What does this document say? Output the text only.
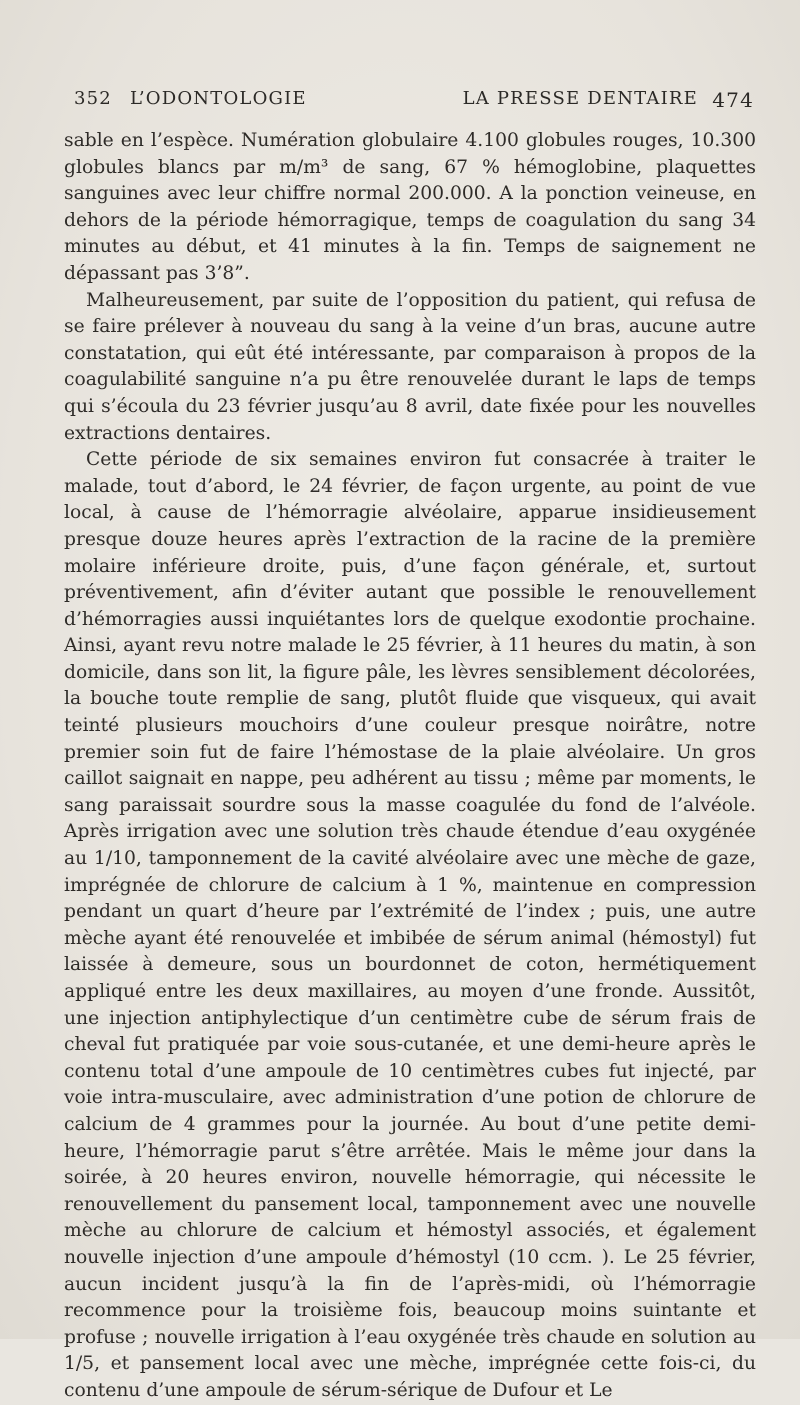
352 L’ODONTOLOGIE	LA PRESSE DENTAIRE 474

sable en l’espèce. Numération globulaire 4.100 globules rouges, 10.300 globules blancs par m/m³ de sang, 67 % hémoglobine, plaquettes sanguines avec leur chiffre normal 200.000. A la ponction veineuse, en dehors de la période hémorragique, temps de coagulation du sang 34 minutes au début, et 41 minutes à la fin. Temps de saignement ne dépassant pas 3’8”.

Malheureusement, par suite de l’opposition du patient, qui refusa de se faire prélever à nouveau du sang à la veine d’un bras, aucune autre constatation, qui eût été intéressante, par comparaison à propos de la coagulabilité sanguine n’a pu être renouvelée durant le laps de temps qui s’écoula du 23 février jusqu’au 8 avril, date fixée pour les nouvelles extractions dentaires.

Cette période de six semaines environ fut consacrée à traiter le malade, tout d’abord, le 24 février, de façon urgente, au point de vue local, à cause de l’hémorragie alvéolaire, apparue insidieusement presque douze heures après l’extraction de la racine de la première molaire inférieure droite, puis, d’une façon générale, et, surtout préventivement, afin d’éviter autant que possible le renouvellement d’hémorragies aussi inquiétantes lors de quelque exodontie prochaine. Ainsi, ayant revu notre malade le 25 février, à 11 heures du matin, à son domicile, dans son lit, la figure pâle, les lèvres sensiblement décolorées, la bouche toute remplie de sang, plutôt fluide que visqueux, qui avait teinté plusieurs mouchoirs d’une couleur presque noirâtre, notre premier soin fut de faire l’hémostase de la plaie alvéolaire. Un gros caillot saignait en nappe, peu adhérent au tissu ; même par moments, le sang paraissait sourdre sous la masse coagulée du fond de l’alvéole. Après irrigation avec une solution très chaude étendue d’eau oxygénée au 1/10, tamponnement de la cavité alvéolaire avec une mèche de gaze, imprégnée de chlorure de calcium à 1 %, maintenue en compression pendant un quart d’heure par l’extrémité de l’index ; puis, une autre mèche ayant été renouvelée et imbibée de sérum animal (hémostyl) fut laissée à demeure, sous un bourdonnet de coton, hermétiquement appliqué entre les deux maxillaires, au moyen d’une fronde. Aussitôt, une injection antiphylectique d’un centimètre cube de sérum frais de cheval fut pratiquée par voie sous-cutanée, et une demi-heure après le contenu total d’une ampoule de 10 centimètres cubes fut injecté, par voie intra-musculaire, avec administration d’une potion de chlorure de calcium de 4 grammes pour la journée. Au bout d’une petite demi-heure, l’hémorragie parut s’être arrêtée. Mais le même jour dans la soirée, à 20 heures environ, nouvelle hémorragie, qui nécessite le renouvellement du pansement local, tamponnement avec une nouvelle mèche au chlorure de calcium et hémostyl associés, et également nouvelle injection d’une ampoule d’hémostyl (10 ccm. ). Le 25 février, aucun incident jusqu’à la fin de l’après-midi, où l’hémorragie recommence pour la troisième fois, beaucoup moins suintante et profuse ; nouvelle irrigation à l’eau oxygénée très chaude en solution au 1/5, et pansement local avec une mèche, imprégnée cette fois-ci, du contenu d’une ampoule de sérum-sérique de Dufour et Le
